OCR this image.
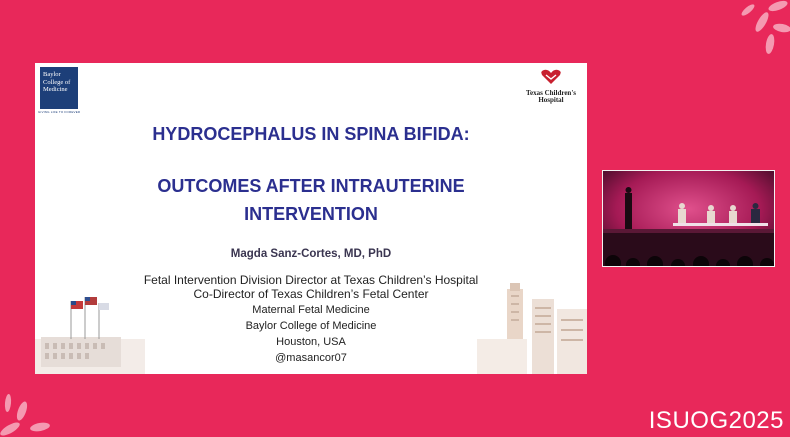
Baylor
College of
Medicine
GIVING LIFE TO FOREVER
Texas Children's
Hospital
HYDROCEPHALUS IN SPINA BIFIDA:
OUTCOMES AFTER INTRAUTERINE
INTERVENTION
Magda Sanz-Cortes, MD, PhD
Fetal Intervention Division Director at Texas Children’s Hospital
Co-Director of Texas Children’s Fetal Center
Maternal Fetal Medicine
Baylor College of Medicine
Houston, USA
@masancor07
ISUOG2025
